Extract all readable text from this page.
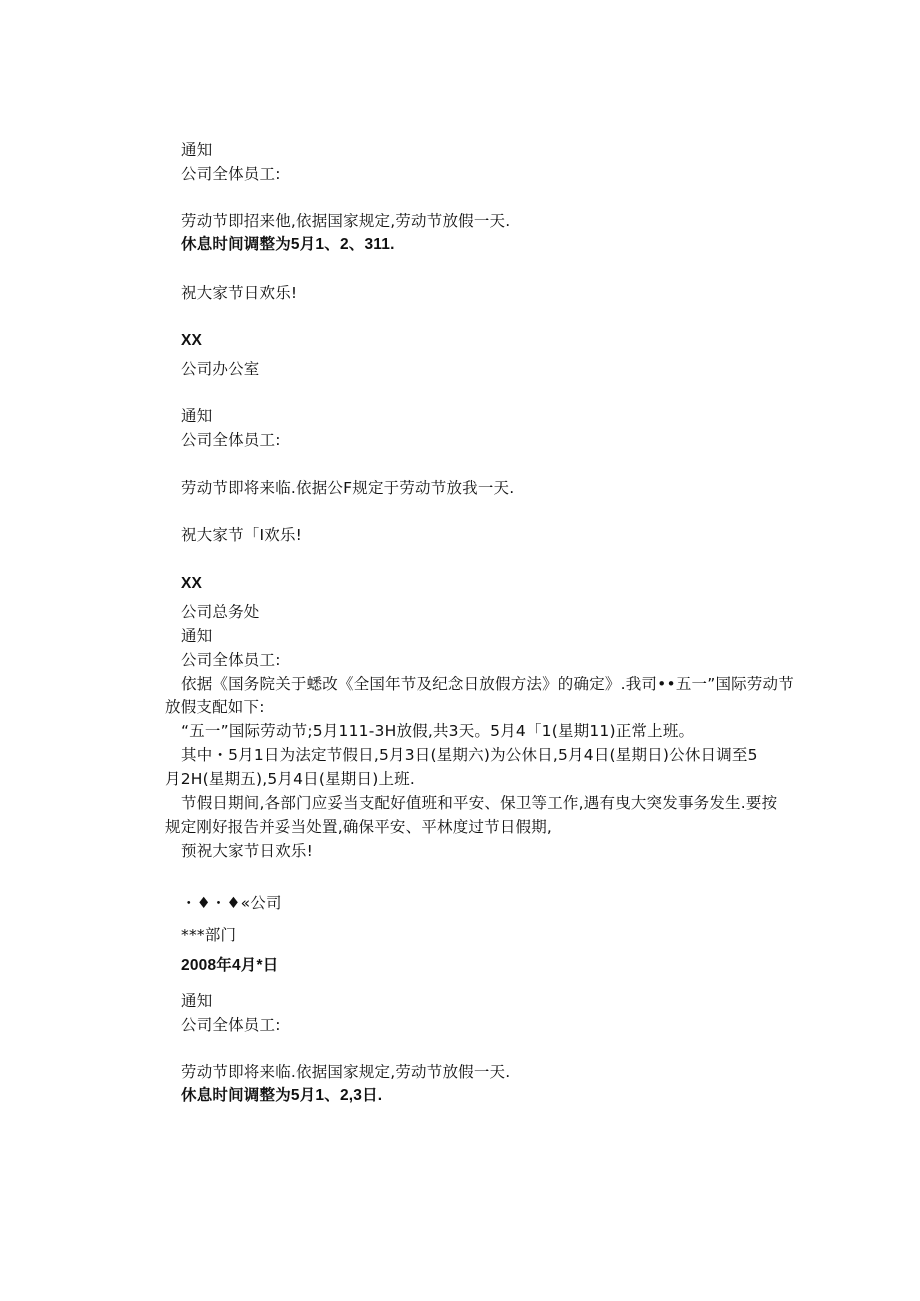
通知
公司全体员工:
劳动节即招来他,依据国家规定,劳动节放假一天.
休息时间调整为5月1、2、311.
祝大家节日欢乐!
XX
公司办公室
通知
公司全体员工:
劳动节即将来临.依据公F规定于劳动节放我一天.
祝大家节「I欢乐!
XX
公司总务处
通知
公司全体员工:
依据《国务院关于蟋改《全国年节及纪念日放假方法》的确定》.我司••五一”国际劳动节
放假支配如下:
“五一”国际劳动节;5月111-3H放假,共3天。5月4「1(星期11)正常上班。
其中・5月1日为法定节假日,5月3日(星期六)为公休日,5月4日(星期日)公休日调至5
月2H(星期五),5月4日(星期日)上班.
节假日期间,各部门应妥当支配好值班和平安、保卫等工作,遇有曳大突发事务发生.要按
规定刚好报告并妥当处置,确保平安、平林度过节日假期,
预祝大家节日欢乐!
・♦・♦«公司
***部门
2008年4月*日
通知
公司全体员工:
劳动节即将来临.依据国家规定,劳动节放假一天.
休息时间调整为5月1、2,3日.
